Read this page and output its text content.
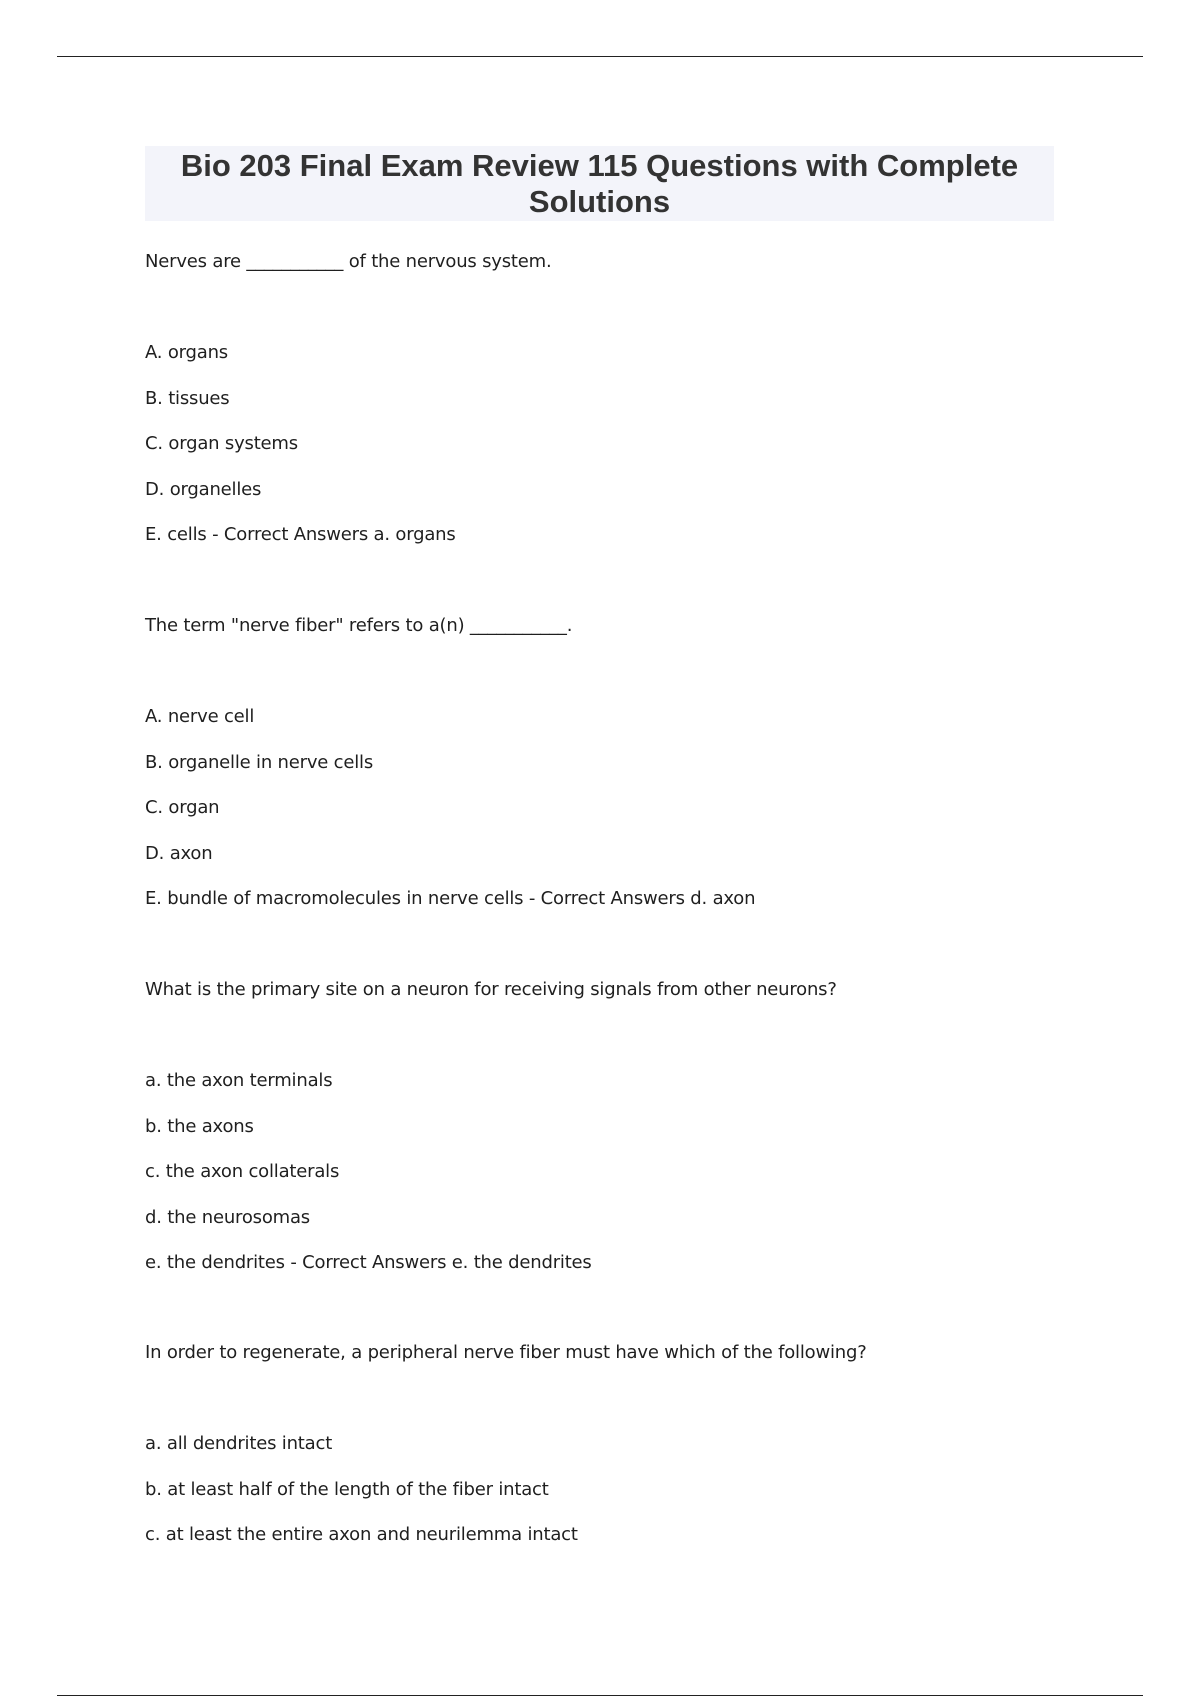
Bio 203 Final Exam Review 115 Questions with Complete Solutions
Nerves are ___________ of the nervous system.
A. organs
B. tissues
C. organ systems
D. organelles
E. cells - Correct Answers a. organs
The term "nerve fiber" refers to a(n) ___________.
A. nerve cell
B. organelle in nerve cells
C. organ
D. axon
E. bundle of macromolecules in nerve cells - Correct Answers d. axon
What is the primary site on a neuron for receiving signals from other neurons?
a. the axon terminals
b. the axons
c. the axon collaterals
d. the neurosomas
e. the dendrites - Correct Answers e. the dendrites
In order to regenerate, a peripheral nerve fiber must have which of the following?
a. all dendrites intact
b. at least half of the length of the fiber intact
c. at least the entire axon and neurilemma intact
